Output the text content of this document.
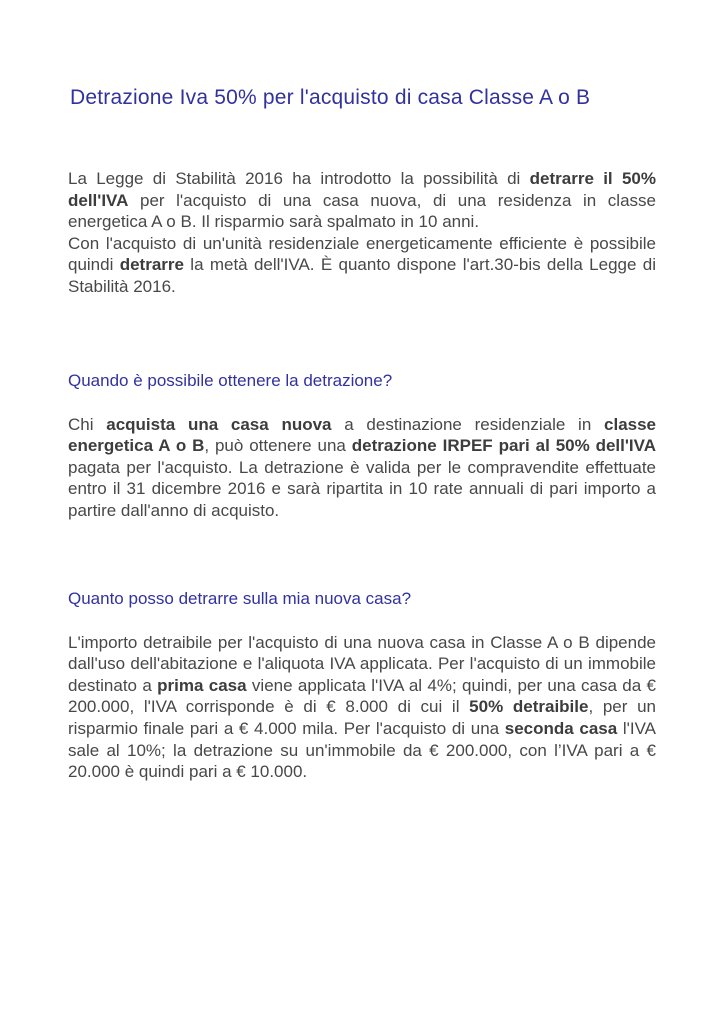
Detrazione Iva 50% per l'acquisto di casa Classe A o B

La Legge di Stabilità 2016 ha introdotto la possibilità di detrarre il 50% dell'IVA per l'acquisto di una casa nuova, di una residenza in classe energetica A o B. Il risparmio sarà spalmato in 10 anni.

Con l'acquisto di un'unità residenziale energeticamente efficiente è possibile quindi detrarre la metà dell'IVA. È quanto dispone l'art.30-bis della Legge di Stabilità 2016.

Quando è possibile ottenere la detrazione?

Chi acquista una casa nuova a destinazione residenziale in classe energetica A o B, può ottenere una detrazione IRPEF pari al 50% dell'IVA pagata per l'acquisto. La detrazione è valida per le compravendite effettuate entro il 31 dicembre 2016 e sarà ripartita in 10 rate annuali di pari importo a partire dall'anno di acquisto.

Quanto posso detrarre sulla mia nuova casa?

L'importo detraibile per l'acquisto di una nuova casa in Classe A o B dipende dall'uso dell'abitazione e l'aliquota IVA applicata. Per l'acquisto di un immobile destinato a prima casa viene applicata l'IVA al 4%; quindi, per una casa da € 200.000, l'IVA corrisponde è di € 8.000 di cui il 50% detraibile, per un risparmio finale pari a € 4.000 mila. Per l'acquisto di una seconda casa l'IVA sale al 10%; la detrazione su un'immobile da € 200.000, con l’IVA pari a € 20.000 è quindi pari a € 10.000.
